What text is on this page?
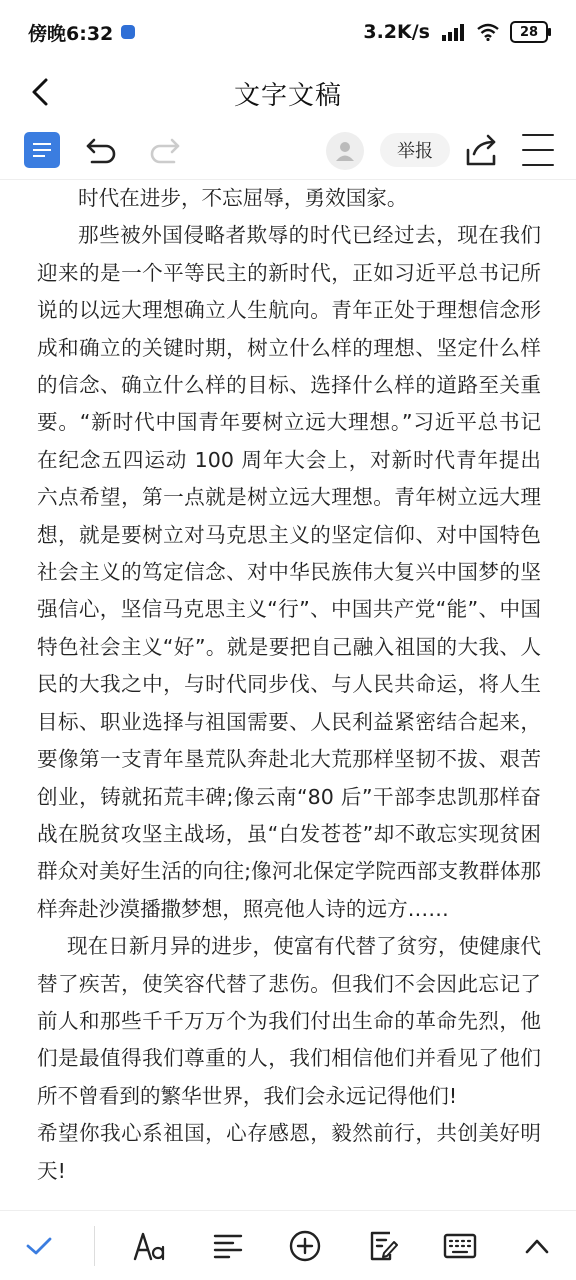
傍晚6:32	3.2K/s	28
文字文稿
举报

时代在进步，不忘屈辱，勇效国家。

那些被外国侵略者欺辱的时代已经过去，现在我们迎来的是一个平等民主的新时代，正如习近平总书记所说的以远大理想确立人生航向。青年正处于理想信念形成和确立的关键时期，树立什么样的理想、坚定什么样的信念、确立什么样的目标、选择什么样的道路至关重要。“新时代中国青年要树立远大理想。”习近平总书记在纪念五四运动 100 周年大会上，对新时代青年提出六点希望，第一点就是树立远大理想。青年树立远大理想，就是要树立对马克思主义的坚定信仰、对中国特色社会主义的笃定信念、对中华民族伟大复兴中国梦的坚强信心，坚信马克思主义“行”、中国共产党“能”、中国特色社会主义“好”。就是要把自己融入祖国的大我、人民的大我之中，与时代同步伐、与人民共命运，将人生目标、职业选择与祖国需要、人民利益紧密结合起来，要像第一支青年垦荒队奔赴北大荒那样坚韧不拔、艰苦创业，铸就拓荒丰碑;像云南“80 后”干部李忠凯那样奋战在脱贫攻坚主战场，虽“白发苍苍”却不敢忘实现贫困群众对美好生活的向往;像河北保定学院西部支教群体那样奔赴沙漠播撒梦想，照亮他人诗的远方……

现在日新月异的进步，使富有代替了贫穷，使健康代替了疾苦，使笑容代替了悲伤。但我们不会因此忘记了前人和那些千千万万个为我们付出生命的革命先烈，他们是最值得我们尊重的人，我们相信他们并看见了他们所不曾看到的繁华世界，我们会永远记得他们!

希望你我心系祖国，心存感恩，毅然前行，共创美好明天!
